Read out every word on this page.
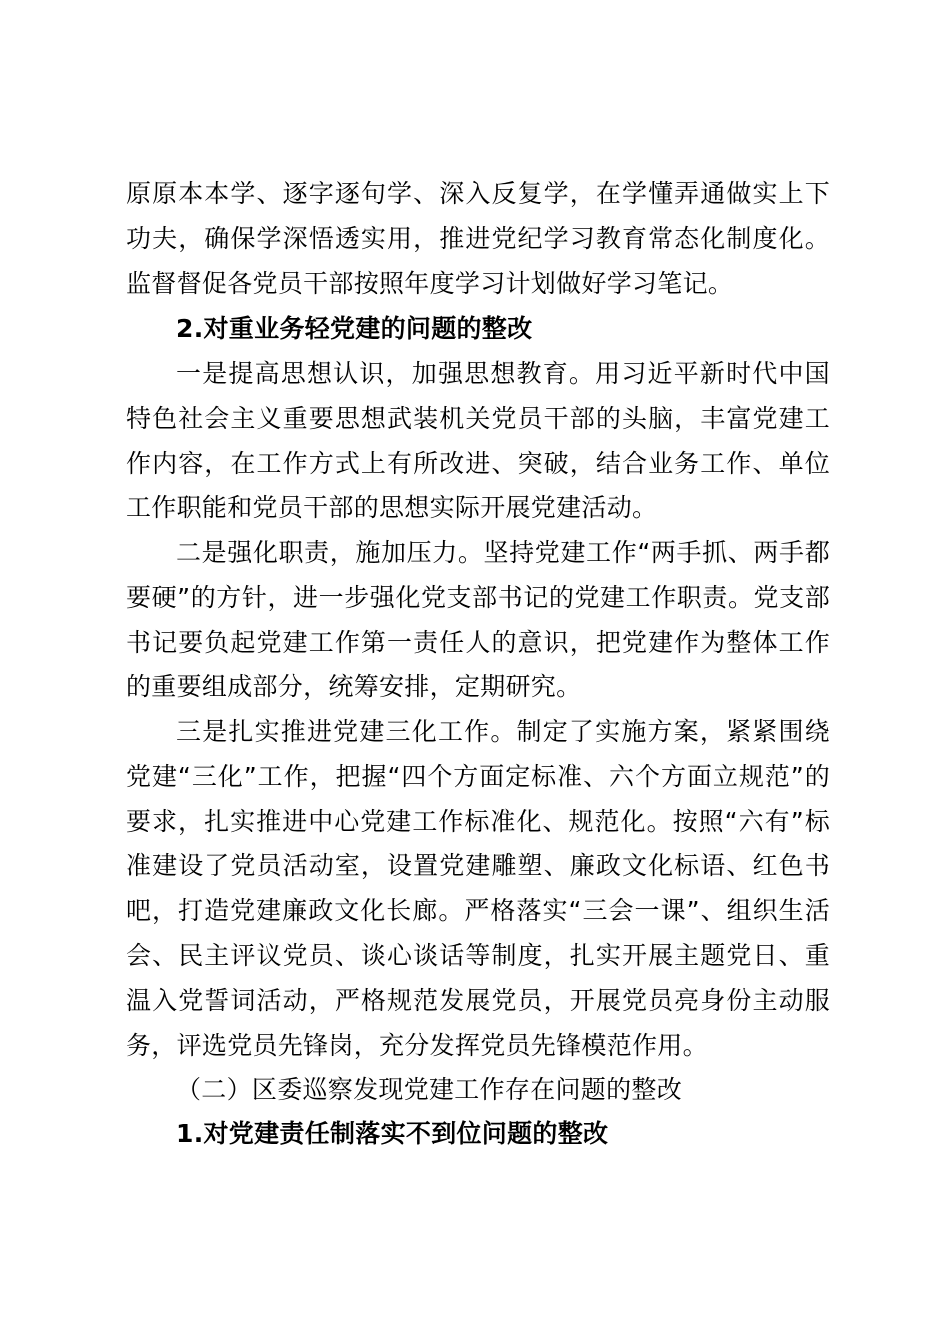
原原本本学、逐字逐句学、深入反复学，在学懂弄通做实上下功夫，确保学深悟透实用，推进党纪学习教育常态化制度化。监督督促各党员干部按照年度学习计划做好学习笔记。

2.对重业务轻党建的问题的整改

一是提高思想认识，加强思想教育。用习近平新时代中国特色社会主义重要思想武装机关党员干部的头脑，丰富党建工作内容，在工作方式上有所改进、突破，结合业务工作、单位工作职能和党员干部的思想实际开展党建活动。

二是强化职责，施加压力。坚持党建工作“两手抓、两手都要硬”的方针，进一步强化党支部书记的党建工作职责。党支部书记要负起党建工作第一责任人的意识，把党建作为整体工作的重要组成部分，统筹安排，定期研究。

三是扎实推进党建三化工作。制定了实施方案，紧紧围绕党建“三化”工作，把握“四个方面定标准、六个方面立规范”的要求，扎实推进中心党建工作标准化、规范化。按照“六有”标准建设了党员活动室，设置党建雕塑、廉政文化标语、红色书吧，打造党建廉政文化长廊。严格落实“三会一课”、组织生活会、民主评议党员、谈心谈话等制度，扎实开展主题党日、重温入党誓词活动，严格规范发展党员，开展党员亮身份主动服务，评选党员先锋岗，充分发挥党员先锋模范作用。

（二）区委巡察发现党建工作存在问题的整改

1.对党建责任制落实不到位问题的整改
